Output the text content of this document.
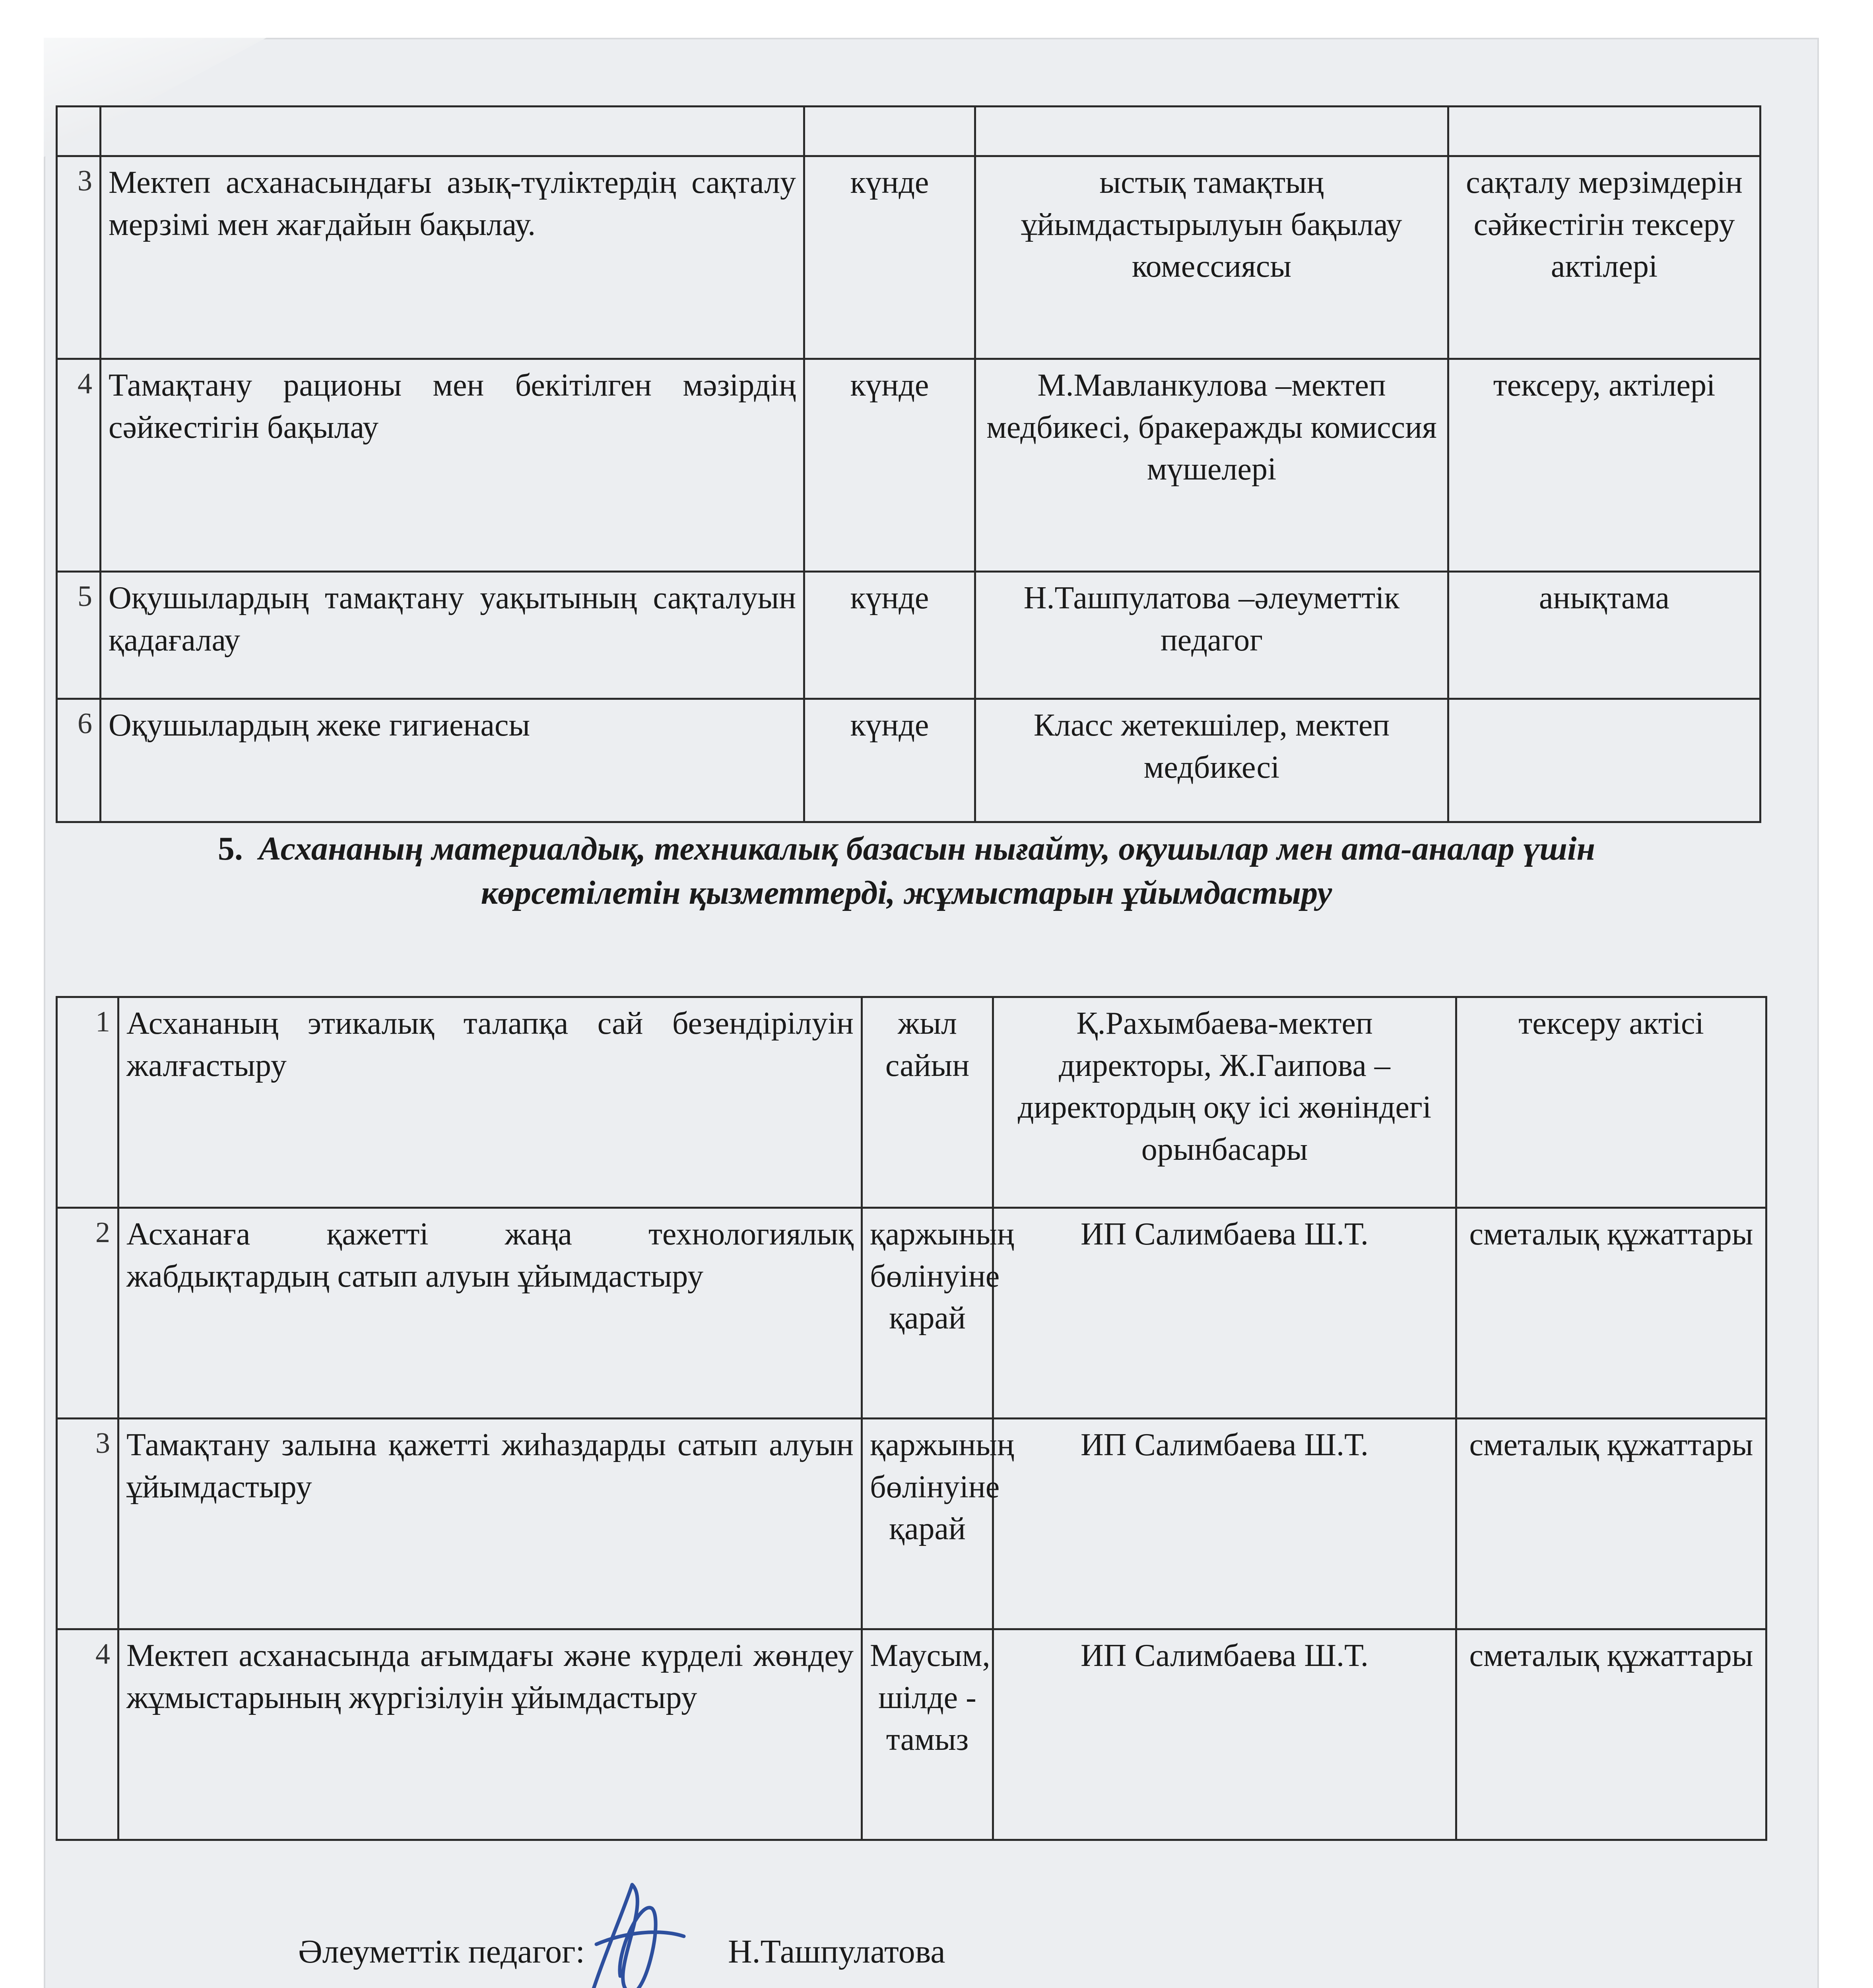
3	Мектеп асханасындағы азық-түліктердің сақталу мерзімі мен жағдайын бақылау.	күнде	ыстық тамақтың ұйымдастырылуын бақылау комессиясы	сақталу мерзімдерін сәйкестігін тексеру актілері
4	Тамақтану рационы мен бекітілген мәзірдің сәйкестігін бақылау	күнде	М.Мавланкулова –мектеп медбикесі, бракеражды комиссия мүшелері	тексеру, актілері
5	Оқушылардың тамақтану уақытының сақталуын қадағалау	күнде	Н.Ташпулатова –әлеуметтік педагог	анықтама
6	Оқушылардың жеке гигиенасы	күнде	Класс жетекшілер, мектеп медбикесі	
5. Асхананың материалдық, техникалық базасын нығайту, оқушылар мен ата-аналар үшін көрсетілетін қызметтерді, жұмыстарын ұйымдастыру
1	Асхананың этикалық талапқа сай безендірілуін жалғастыру	жыл сайын	Қ.Рахымбаева-мектеп директоры, Ж.Гаипова – директордың оқу ісі жөніндегі орынбасары	тексеру актісі
2	Асханаға қажетті жаңа технологиялық жабдықтардың сатып алуын ұйымдастыру	қаржының бөлінуіне қарай	ИП Салимбаева Ш.Т.	сметалық құжаттары
3	Тамақтану залына қажетті жиһаздарды сатып алуын ұйымдастыру	қаржының бөлінуіне қарай	ИП Салимбаева Ш.Т.	сметалық құжаттары
4	Мектеп асханасында ағымдағы және күрделі жөндеу жұмыстарының жүргізілуін ұйымдастыру	Маусым, шілде - тамыз	ИП Салимбаева Ш.Т.	сметалық құжаттары
Әлеуметтік педагог:	Н.Ташпулатова
